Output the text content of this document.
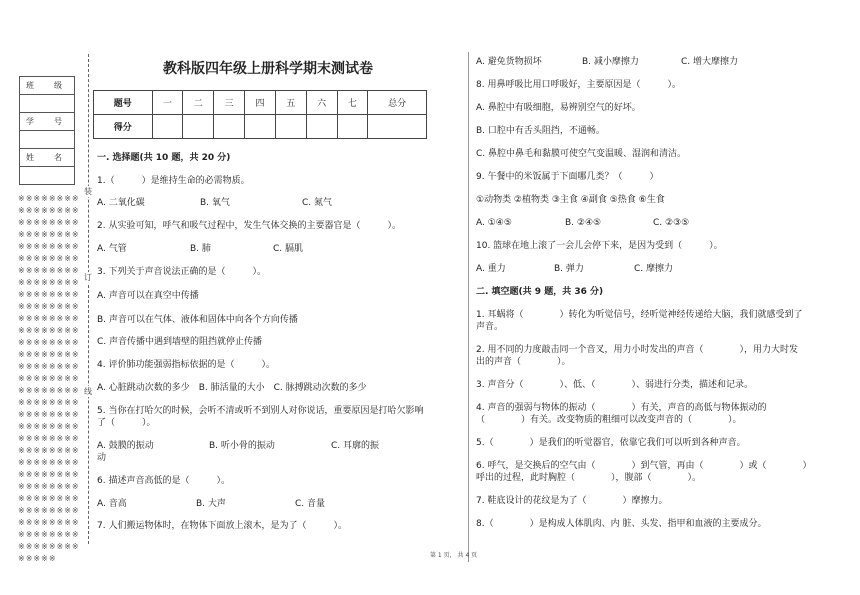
班　级

学　号

姓　名

※※※※※※※※※※※※※※※※※※※※※※※※※※※※※※※※※※※※※※※※※※※※※※※※※※※※※※※※※※※※※※※※※※※※※※※※※※※※※※※※※※※※※※※※※※※※※※※※※※※※※※※※※※※※※※※※※※※※※※※※※※※※※※※※※※※※※※※※※※※※※※※※※※※※※※※※※※※※※※※※※※※※※※※※※※※※※※※※※※※※※※※※※※※※※※※※※※※※※※※※※※※※※※※※※※※※※※※※※※※※※※※※※※※※※※※※※※※※※※※※※※※※※
装
订
线
教科版四年级上册科学期末测试卷
题号	一	二	三	四	五	六	七	总分
得分								
一. 选择题(共 10 题，共 20 分)
1.（　　　）是维持生命的必需物质。
A. 二氧化碳	B. 氧气	C. 氮气
2. 从实验可知，呼气和吸气过程中，发生气体交换的主要器官是（　　　）。
A. 气管	B. 肺	C. 膈肌
3. 下列关于声音说法正确的是（　　　）。
A. 声音可以在真空中传播
B. 声音可以在气体、液体和固体中向各个方向传播
C. 声音传播中遇到墙壁的阻挡就停止传播
4. 评价肺功能强弱指标依据的是（　　　）。
A. 心脏跳动次数的多少　B. 肺活量的大小　C. 脉搏跳动次数的多少
5. 当你在打哈欠的时候，会听不清或听不到别人对你说话，重要原因是打哈欠影响
了（　　　）。
A. 鼓膜的振动	B. 听小骨的振动	C. 耳廓的振
动
6. 描述声音高低的是（　　　）。
A. 音高	B. 大声	C. 音量
7. 人们搬运物体时，在物体下面放上滚木，是为了（　　　）。
A. 避免货物损坏	B. 减小摩擦力	C. 增大摩擦力
8. 用鼻呼吸比用口呼吸好，主要原因是（　　　）。
A. 鼻腔中有吸细胞，易辨别空气的好坏。
B. 口腔中有舌头阻挡，不通畅。
C. 鼻腔中鼻毛和黏膜可使空气变温暖、湿润和清洁。
9. 午餐中的米饭属于下面哪几类？（　　　）
①动物类 ②植物类 ③主食 ④副食 ⑤热食 ⑥生食
A. ①④⑤	B. ②④⑤	C. ②③⑤
10. 篮球在地上滚了一会儿会停下来，是因为受到（　　　）。
A. 重力	B. 弹力	C. 摩擦力
二. 填空题(共 9 题，共 36 分)
1. 耳蜗将（　　　　）转化为听觉信号，经听觉神经传递给大脑，我们就感受到了
声音。
2. 用不同的力度敲击同一个音叉，用力小时发出的声音（　　　　），用力大时发
出的声音（　　　　）。
3. 声音分（　　　　）、低、（　　　　）、弱进行分类，描述和记录。
4. 声音的强弱与物体的振动（　　　　）有关，声音的高低与物体振动的
（　　　　）有关。改变物质的粗细可以改变声音的（　　　　）。
5.（　　　　）是我们的听觉器官，依靠它我们可以听到各种声音。
6. 呼气，是交换后的空气由（　　　　）到气管，再由（　　　　）或（　　　　）
呼出的过程，此时胸腔（　　　　），腹部（　　　　）。
7. 鞋底设计的花纹是为了（　　　　）摩擦力。
8.（　　　　）是构成人体肌肉、内 脏、头发、指甲和血液的主要成分。
第 1 页， 共 4 页
